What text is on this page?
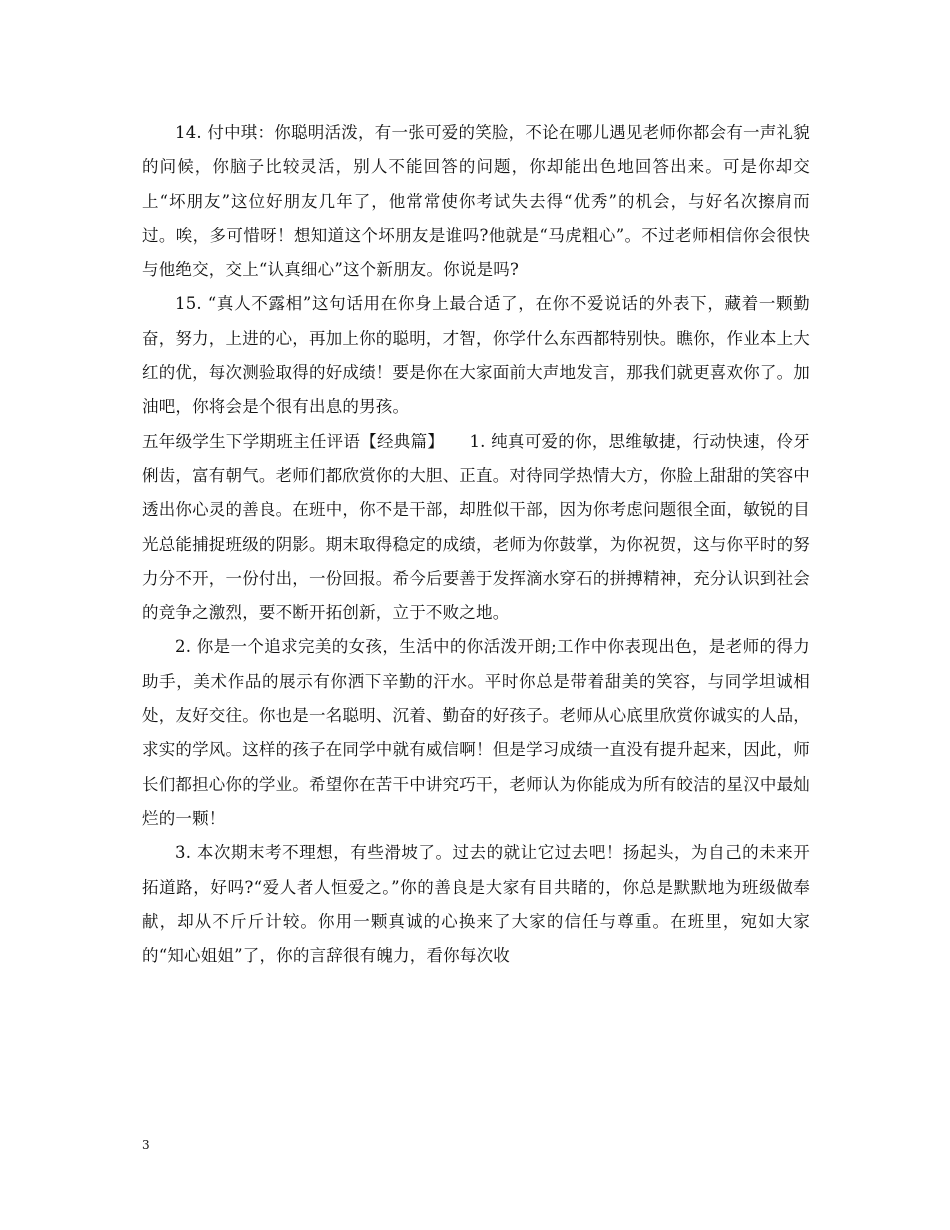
14. 付中琪：你聪明活泼，有一张可爱的笑脸，不论在哪儿遇见老师你都会有一声礼貌的问候，你脑子比较灵活，别人不能回答的问题，你却能出色地回答出来。可是你却交上“坏朋友”这位好朋友几年了，他常常使你考试失去得“优秀”的机会，与好名次擦肩而过。唉，多可惜呀！想知道这个坏朋友是谁吗?他就是“马虎粗心”。不过老师相信你会很快与他绝交，交上“认真细心”这个新朋友。你说是吗?

15. “真人不露相”这句话用在你身上最合适了，在你不爱说话的外表下，藏着一颗勤奋，努力，上进的心，再加上你的聪明，才智，你学什么东西都特别快。瞧你，作业本上大红的优，每次测验取得的好成绩！要是你在大家面前大声地发言，那我们就更喜欢你了。加油吧，你将会是个很有出息的男孩。

五年级学生下学期班主任评语【经典篇】　　1. 纯真可爱的你，思维敏捷，行动快速，伶牙俐齿，富有朝气。老师们都欣赏你的大胆、正直。对待同学热情大方，你脸上甜甜的笑容中透出你心灵的善良。在班中，你不是干部，却胜似干部，因为你考虑问题很全面，敏锐的目光总能捕捉班级的阴影。期末取得稳定的成绩，老师为你鼓掌，为你祝贺，这与你平时的努力分不开，一份付出，一份回报。希今后要善于发挥滴水穿石的拼搏精神，充分认识到社会的竞争之激烈，要不断开拓创新，立于不败之地。

2. 你是一个追求完美的女孩，生活中的你活泼开朗;工作中你表现出色，是老师的得力助手，美术作品的展示有你洒下辛勤的汗水。平时你总是带着甜美的笑容，与同学坦诚相处，友好交往。你也是一名聪明、沉着、勤奋的好孩子。老师从心底里欣赏你诚实的人品，求实的学风。这样的孩子在同学中就有威信啊！但是学习成绩一直没有提升起来，因此，师长们都担心你的学业。希望你在苦干中讲究巧干，老师认为你能成为所有皎洁的星汉中最灿烂的一颗！

3. 本次期末考不理想，有些滑坡了。过去的就让它过去吧！扬起头，为自己的未来开拓道路，好吗?“爱人者人恒爱之。”你的善良是大家有目共睹的，你总是默默地为班级做奉献，却从不斤斤计较。你用一颗真诚的心换来了大家的信任与尊重。在班里，宛如大家的“知心姐姐”了，你的言辞很有魄力，看你每次收

3
